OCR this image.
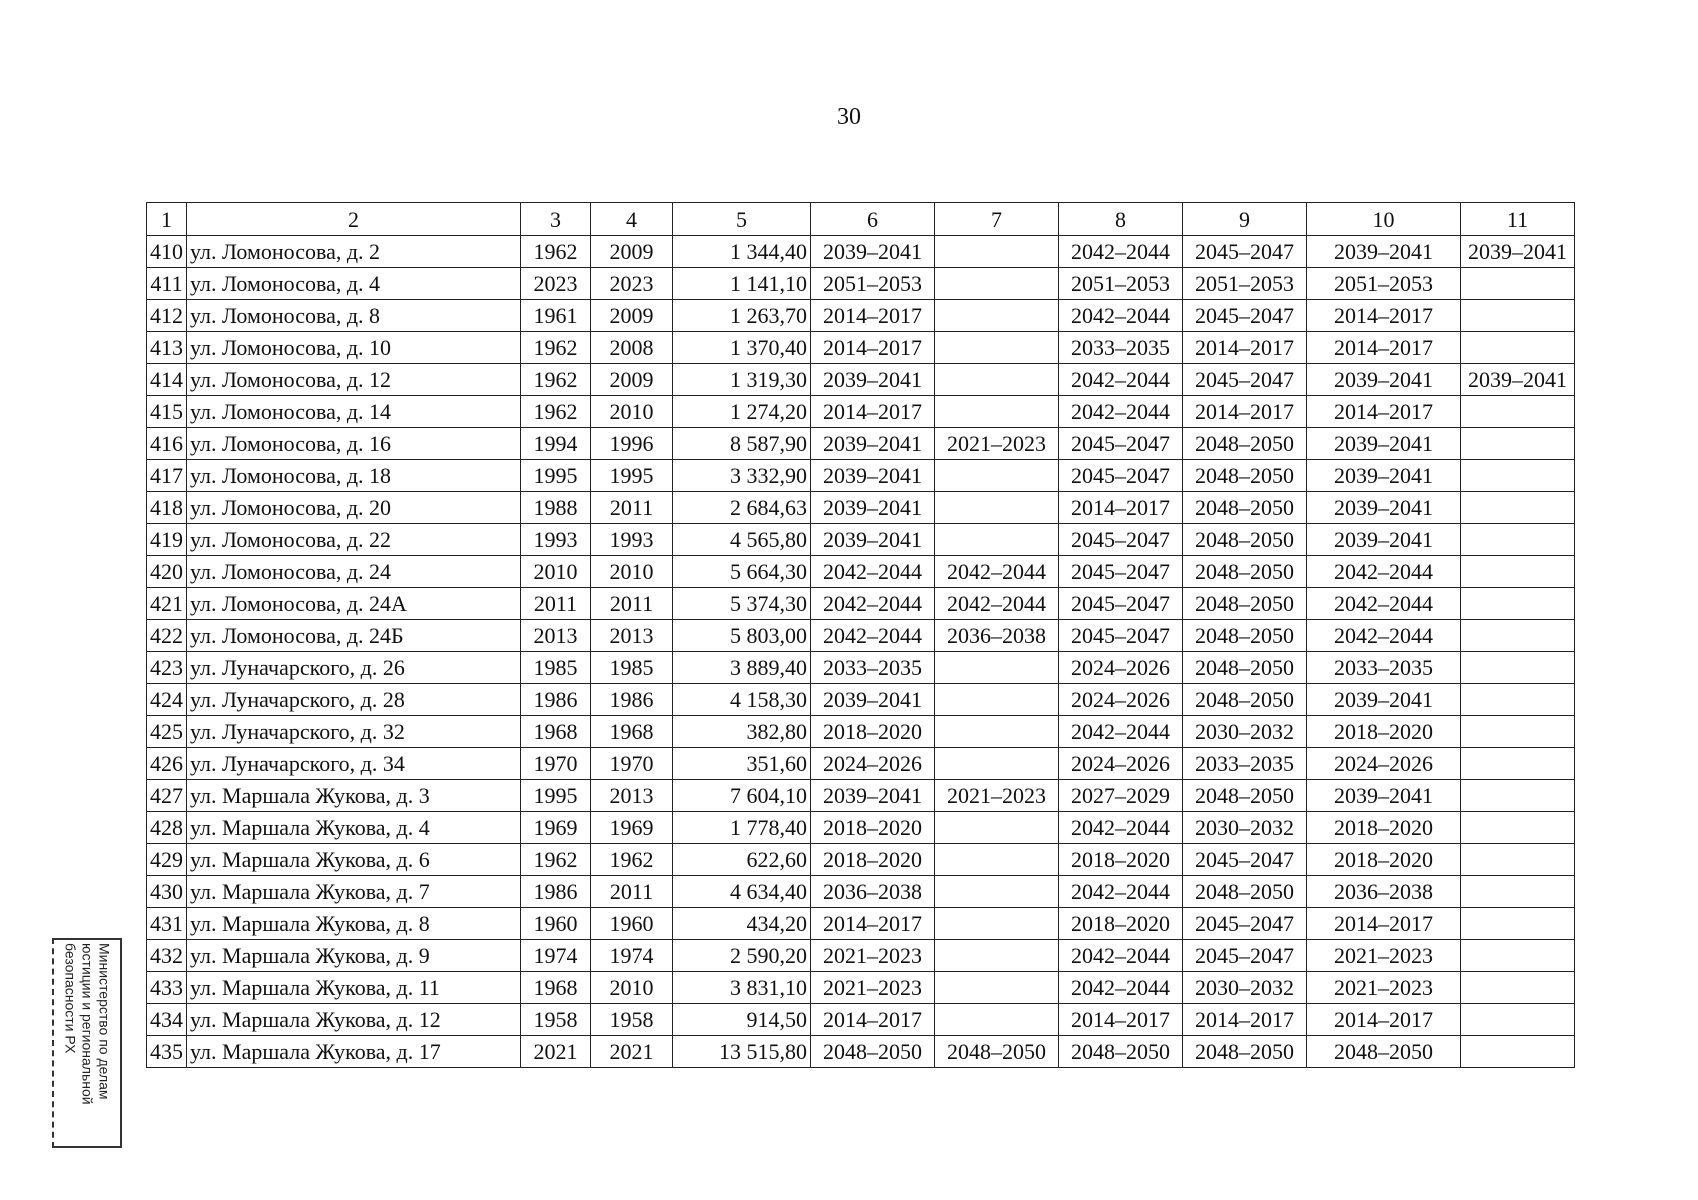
30
1	2	3	4	5	6	7	8	9	10	11
410	ул. Ломоносова, д. 2	1962	2009	1 344,40	2039–2041		2042–2044	2045–2047	2039–2041	2039–2041
411	ул. Ломоносова, д. 4	2023	2023	1 141,10	2051–2053		2051–2053	2051–2053	2051–2053	
412	ул. Ломоносова, д. 8	1961	2009	1 263,70	2014–2017		2042–2044	2045–2047	2014–2017	
413	ул. Ломоносова, д. 10	1962	2008	1 370,40	2014–2017		2033–2035	2014–2017	2014–2017	
414	ул. Ломоносова, д. 12	1962	2009	1 319,30	2039–2041		2042–2044	2045–2047	2039–2041	2039–2041
415	ул. Ломоносова, д. 14	1962	2010	1 274,20	2014–2017		2042–2044	2014–2017	2014–2017	
416	ул. Ломоносова, д. 16	1994	1996	8 587,90	2039–2041	2021–2023	2045–2047	2048–2050	2039–2041	
417	ул. Ломоносова, д. 18	1995	1995	3 332,90	2039–2041		2045–2047	2048–2050	2039–2041	
418	ул. Ломоносова, д. 20	1988	2011	2 684,63	2039–2041		2014–2017	2048–2050	2039–2041	
419	ул. Ломоносова, д. 22	1993	1993	4 565,80	2039–2041		2045–2047	2048–2050	2039–2041	
420	ул. Ломоносова, д. 24	2010	2010	5 664,30	2042–2044	2042–2044	2045–2047	2048–2050	2042–2044	
421	ул. Ломоносова, д. 24А	2011	2011	5 374,30	2042–2044	2042–2044	2045–2047	2048–2050	2042–2044	
422	ул. Ломоносова, д. 24Б	2013	2013	5 803,00	2042–2044	2036–2038	2045–2047	2048–2050	2042–2044	
423	ул. Луначарского, д. 26	1985	1985	3 889,40	2033–2035		2024–2026	2048–2050	2033–2035	
424	ул. Луначарского, д. 28	1986	1986	4 158,30	2039–2041		2024–2026	2048–2050	2039–2041	
425	ул. Луначарского, д. 32	1968	1968	382,80	2018–2020		2042–2044	2030–2032	2018–2020	
426	ул. Луначарского, д. 34	1970	1970	351,60	2024–2026		2024–2026	2033–2035	2024–2026	
427	ул. Маршала Жукова, д. 3	1995	2013	7 604,10	2039–2041	2021–2023	2027–2029	2048–2050	2039–2041	
428	ул. Маршала Жукова, д. 4	1969	1969	1 778,40	2018–2020		2042–2044	2030–2032	2018–2020	
429	ул. Маршала Жукова, д. 6	1962	1962	622,60	2018–2020		2018–2020	2045–2047	2018–2020	
430	ул. Маршала Жукова, д. 7	1986	2011	4 634,40	2036–2038		2042–2044	2048–2050	2036–2038	
431	ул. Маршала Жукова, д. 8	1960	1960	434,20	2014–2017		2018–2020	2045–2047	2014–2017	
432	ул. Маршала Жукова, д. 9	1974	1974	2 590,20	2021–2023		2042–2044	2045–2047	2021–2023	
433	ул. Маршала Жукова, д. 11	1968	2010	3 831,10	2021–2023		2042–2044	2030–2032	2021–2023	
434	ул. Маршала Жукова, д. 12	1958	1958	914,50	2014–2017		2014–2017	2014–2017	2014–2017	
435	ул. Маршала Жукова, д. 17	2021	2021	13 515,80	2048–2050	2048–2050	2048–2050	2048–2050	2048–2050	
Министерство по делам
юстиции и региональной
безопасности РХ
